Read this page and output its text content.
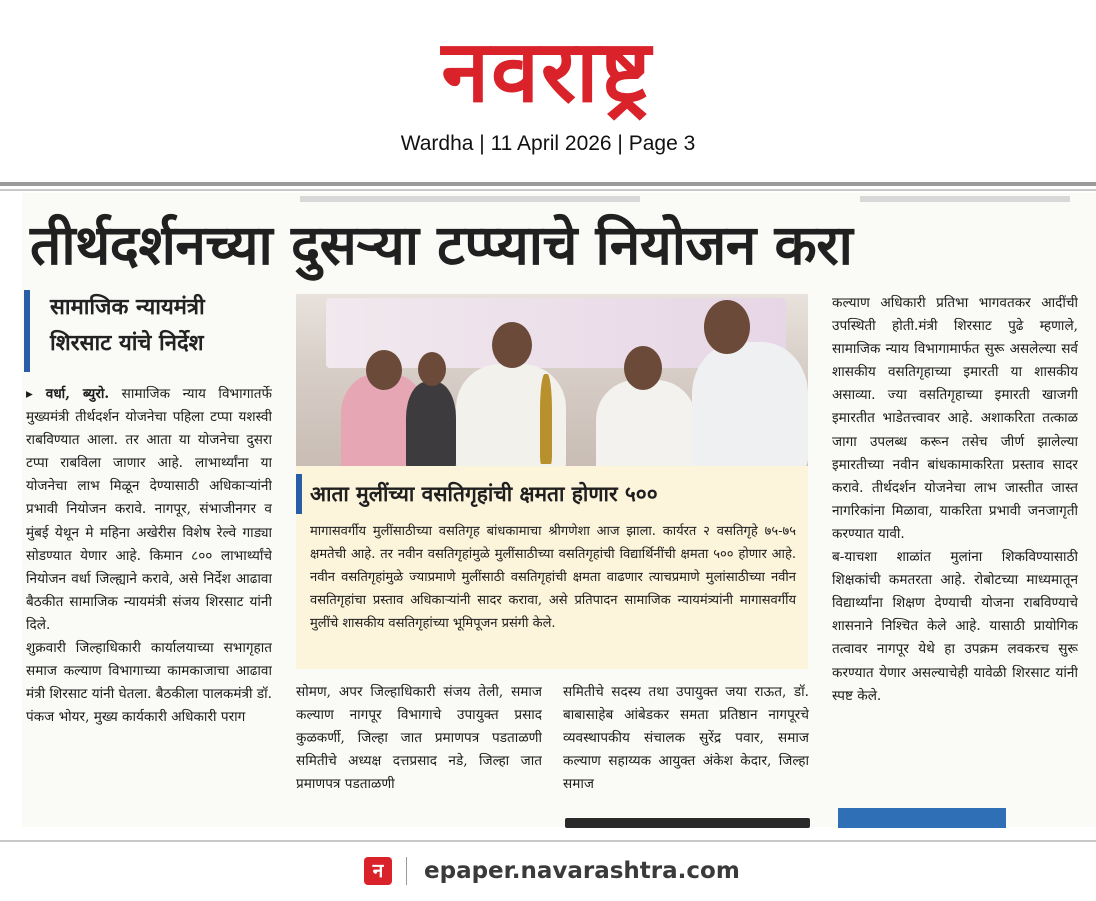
नवराष्ट्र
Wardha | 11 April 2026 | Page 3
तीर्थदर्शनच्या दुसऱ्या टप्प्याचे नियोजन करा
सामाजिक न्यायमंत्री
शिरसाट यांचे निर्देश

▸ वर्धा, ब्युरो. सामाजिक न्याय विभागातर्फे मुख्यमंत्री तीर्थदर्शन योजनेचा पहिला टप्पा यशस्वी राबविण्यात आला. तर आता या योजनेचा दुसरा टप्पा राबविला जाणार आहे. लाभार्थ्यांना या योजनेचा लाभ मिळून देण्यासाठी अधिकाऱ्यांनी प्रभावी नियोजन करावे. नागपूर, संभाजीनगर व मुंबई येथून मे महिना अखेरीस विशेष रेल्वे गाड्या सोडण्यात येणार आहे. किमान ८०० लाभार्थ्यांचे नियोजन वर्धा जिल्ह्याने करावे, असे निर्देश आढावा बैठकीत सामाजिक न्यायमंत्री संजय शिरसाट यांनी दिले.

शुक्रवारी जिल्हाधिकारी कार्यालयाच्या सभागृहात समाज कल्याण विभागाच्या कामकाजाचा आढावा मंत्री शिरसाट यांनी घेतला. बैठकीला पालकमंत्री डॉ. पंकज भोयर, मुख्य कार्यकारी अधिकारी पराग

आता मुलींच्या वसतिगृहांची क्षमता होणार ५००
मागासवर्गीय मुलींसाठीच्या वसतिगृह बांधकामाचा श्रीगणेशा आज झाला. कार्यरत २ वसतिगृहे ७५-७५ क्षमतेची आहे. तर नवीन वसतिगृहांमुळे मुलींसाठीच्या वसतिगृहांची विद्यार्थिनींची क्षमता ५०० होणार आहे. नवीन वसतिगृहांमुळे ज्याप्रमाणे मुलींसाठी वसतिगृहांची क्षमता वाढणार त्याचप्रमाणे मुलांसाठीच्या नवीन वसतिगृहांचा प्रस्ताव अधिकाऱ्यांनी सादर करावा, असे प्रतिपादन सामाजिक न्यायमंत्र्यांनी मागासवर्गीय मुलींचे शासकीय वसतिगृहांच्या भूमिपूजन प्रसंगी केले.

सोमण, अपर जिल्हाधिकारी संजय तेली, समाज कल्याण नागपूर विभागाचे उपायुक्त प्रसाद कुळकर्णी, जिल्हा जात प्रमाणपत्र पडताळणी समितीचे अध्यक्ष दत्तप्रसाद नडे, जिल्हा जात प्रमाणपत्र पडताळणी

समितीचे सदस्य तथा उपायुक्त जया राऊत, डॉ. बाबासाहेब आंबेडकर समता प्रतिष्ठान नागपूरचे व्यवस्थापकीय संचालक सुरेंद्र पवार, समाज कल्याण सहाय्यक आयुक्त अंकेश केदार, जिल्हा समाज

कल्याण अधिकारी प्रतिभा भागवतकर आदींची उपस्थिती होती.मंत्री शिरसाट पुढे म्हणाले, सामाजिक न्याय विभागामार्फत सुरू असलेल्या सर्व शासकीय वसतिगृहाच्या इमारती या शासकीय असाव्या. ज्या वसतिगृहाच्या इमारती खाजगी इमारतीत भाडेतत्त्वावर आहे. अशाकरिता तत्काळ जागा उपलब्ध करून तसेच जीर्ण झालेल्या इमारतीच्या नवीन बांधकामाकरिता प्रस्ताव सादर करावे. तीर्थदर्शन योजनेचा लाभ जास्तीत जास्त नागरिकांना मिळावा, याकरिता प्रभावी जनजागृती करण्यात यावी.

ब-याचशा शाळांत मुलांना शिकविण्यासाठी शिक्षकांची कमतरता आहे. रोबोटच्या माध्यमातून विद्यार्थ्यांना शिक्षण देण्याची योजना राबविण्याचे शासनाने निश्चित केले आहे. यासाठी प्रायोगिक तत्वावर नागपूर येथे हा उपक्रम लवकरच सुरू करण्यात येणार असल्याचेही यावेळी शिरसाट यांनी स्पष्ट केले.

न	epaper.navarashtra.com
